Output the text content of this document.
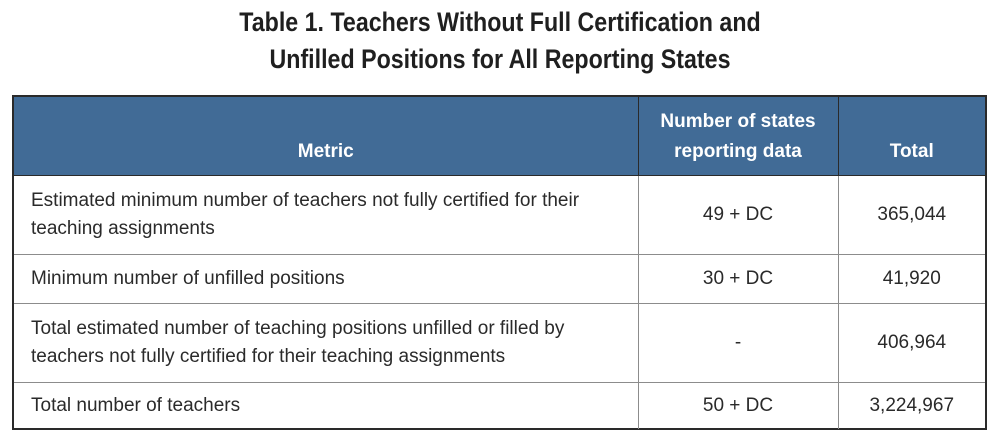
Table 1. Teachers Without Full Certification and
Unfilled Positions for All Reporting States
Metric	Number of states reporting data	Total
Estimated minimum number of teachers not fully certified for their teaching assignments	49 + DC	365,044
Minimum number of unfilled positions	30 + DC	41,920
Total estimated number of teaching positions unfilled or filled by teachers not fully certified for their teaching assignments	-	406,964
Total number of teachers	50 + DC	3,224,967
